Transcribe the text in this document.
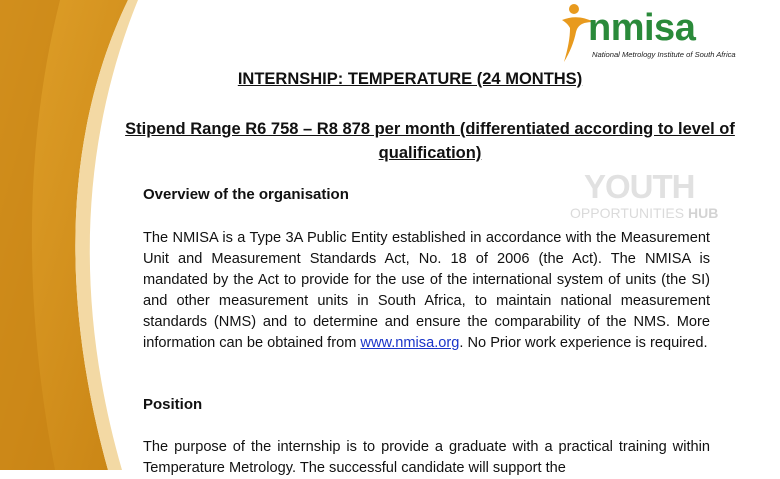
nmisa
National Metrology Institute of South Africa
YOUTH
OPPORTUNITIES HUB
INTERNSHIP: TEMPERATURE (24 MONTHS)
Stipend Range R6 758 – R8 878 per month (differentiated according to level of qualification)
Overview of the organisation
The NMISA is a Type 3A Public Entity established in accordance with the Measurement Unit and Measurement Standards Act, No. 18 of 2006 (the Act). The NMISA is mandated by the Act to provide for the use of the international system of units (the SI) and other measurement units in South Africa, to maintain national measurement standards (NMS) and to determine and ensure the comparability of the NMS. More information can be obtained from www.nmisa.org. No Prior work experience is required.
Position
The purpose of the internship is to provide a graduate with a practical training within Temperature Metrology. The successful candidate will support the
